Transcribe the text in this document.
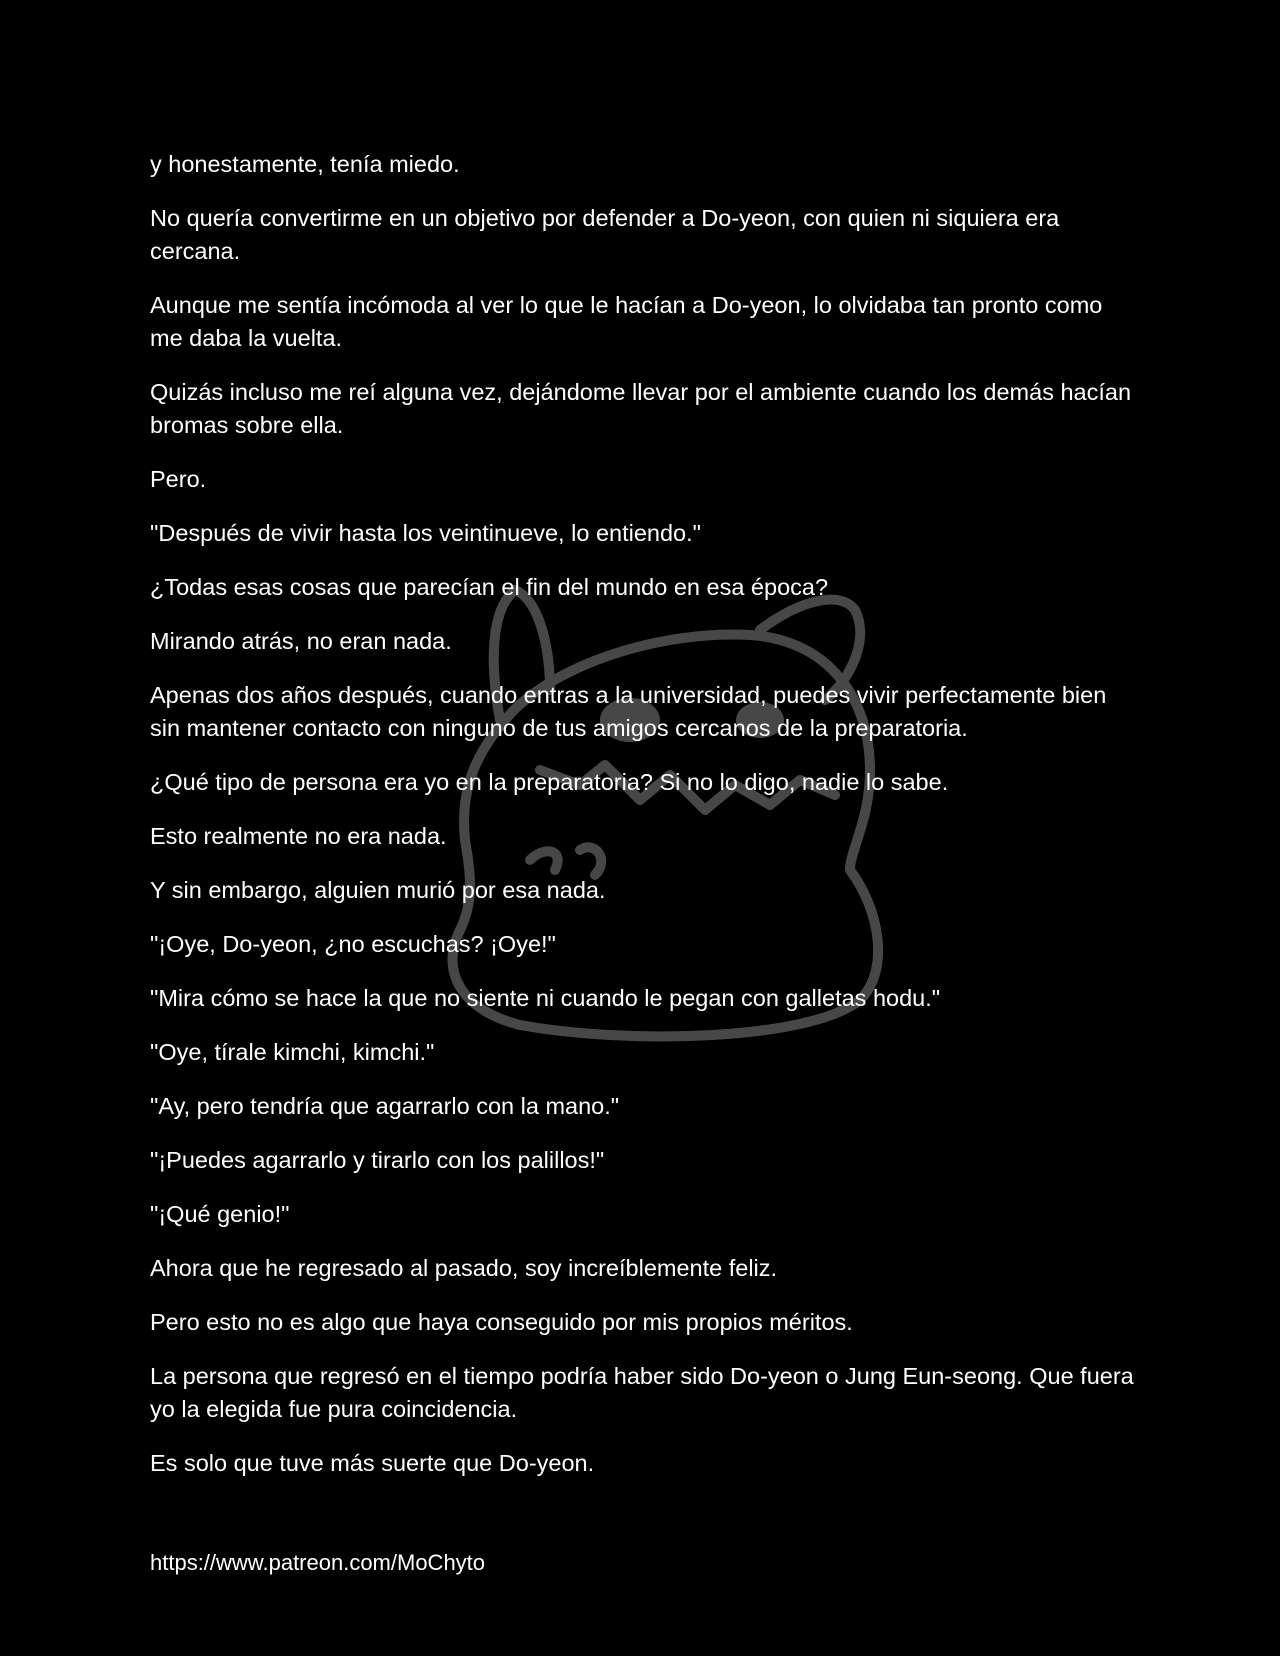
y honestamente, tenía miedo.

No quería convertirme en un objetivo por defender a Do-yeon, con quien ni siquiera era cercana.

Aunque me sentía incómoda al ver lo que le hacían a Do-yeon, lo olvidaba tan pronto como me daba la vuelta.

Quizás incluso me reí alguna vez, dejándome llevar por el ambiente cuando los demás hacían bromas sobre ella.

Pero.

"Después de vivir hasta los veintinueve, lo entiendo."

¿Todas esas cosas que parecían el fin del mundo en esa época?

Mirando atrás, no eran nada.

Apenas dos años después, cuando entras a la universidad, puedes vivir perfectamente bien sin mantener contacto con ninguno de tus amigos cercanos de la preparatoria.

¿Qué tipo de persona era yo en la preparatoria? Si no lo digo, nadie lo sabe.

Esto realmente no era nada.

Y sin embargo, alguien murió por esa nada.

"¡Oye, Do-yeon, ¿no escuchas? ¡Oye!"

"Mira cómo se hace la que no siente ni cuando le pegan con galletas hodu."

"Oye, tírale kimchi, kimchi."

"Ay, pero tendría que agarrarlo con la mano."

"¡Puedes agarrarlo y tirarlo con los palillos!"

"¡Qué genio!"

Ahora que he regresado al pasado, soy increíblemente feliz.

Pero esto no es algo que haya conseguido por mis propios méritos.

La persona que regresó en el tiempo podría haber sido Do-yeon o Jung Eun-seong. Que fuera yo la elegida fue pura coincidencia.

Es solo que tuve más suerte que Do-yeon.

https://www.patreon.com/MoChyto
